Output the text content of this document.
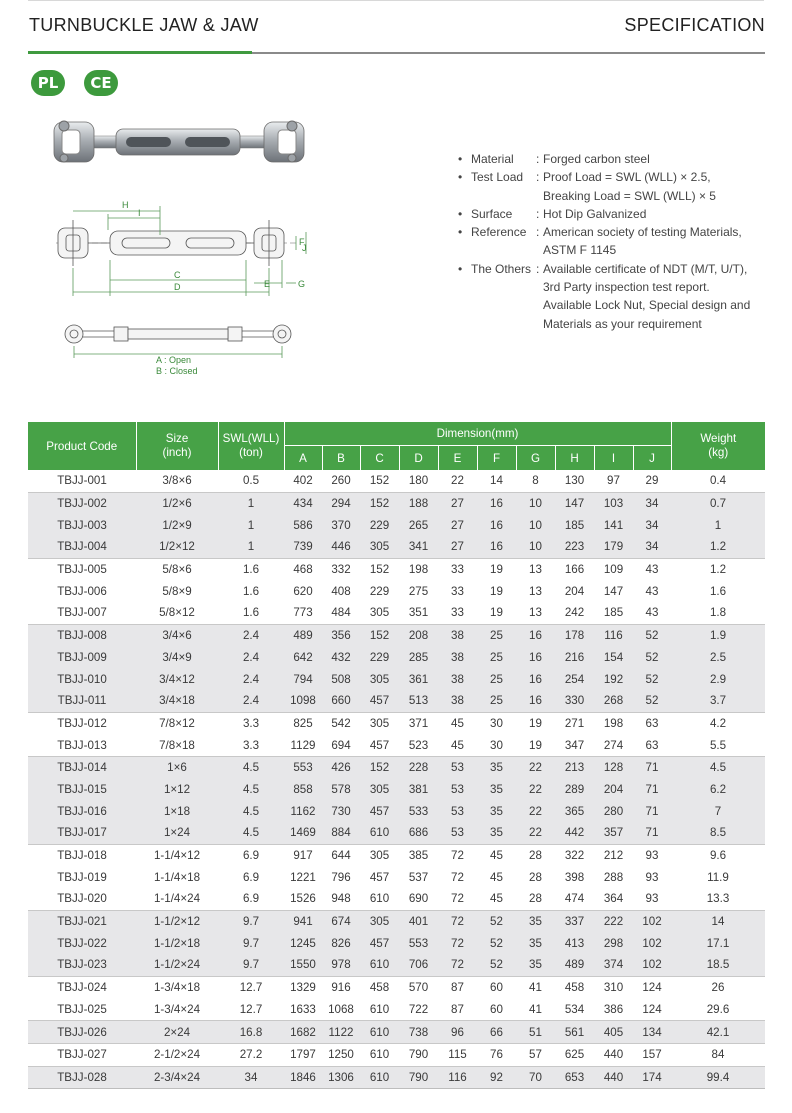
TURNBUCKLE JAW & JAW	SPECIFICATION
PL	CE
H
I
C
D	E	G
F
J
A : Open
B : Closed
• Material	: Forged carbon steel
• Test Load	: Proof Load = SWL (WLL) × 2.5,
Breaking Load = SWL (WLL) × 5
• Surface	: Hot Dip Galvanized
• Reference : American society of testing Materials,
ASTM F 1145
• The Others : Available certificate of NDT (M/T, U/T),
3rd Party inspection test report.
Available Lock Nut, Special design and
Materials as your requirement
Product Code	Size
(inch)	SWL(WLL)
(ton)	Dimension(mm)										Weight
(kg)
			A	B	C	D	E	F	G	H	I	J	
TBJJ-001	3/8×6	0.5	402	260	152	180	22	14	8	130	97	29	0.4
TBJJ-002	1/2×6	1	434	294	152	188	27	16	10	147	103	34	0.7
TBJJ-003	1/2×9	1	586	370	229	265	27	16	10	185	141	34	1
TBJJ-004	1/2×12	1	739	446	305	341	27	16	10	223	179	34	1.2
TBJJ-005	5/8×6	1.6	468	332	152	198	33	19	13	166	109	43	1.2
TBJJ-006	5/8×9	1.6	620	408	229	275	33	19	13	204	147	43	1.6
TBJJ-007	5/8×12	1.6	773	484	305	351	33	19	13	242	185	43	1.8
TBJJ-008	3/4×6	2.4	489	356	152	208	38	25	16	178	116	52	1.9
TBJJ-009	3/4×9	2.4	642	432	229	285	38	25	16	216	154	52	2.5
TBJJ-010	3/4×12	2.4	794	508	305	361	38	25	16	254	192	52	2.9
TBJJ-011	3/4×18	2.4	1098	660	457	513	38	25	16	330	268	52	3.7
TBJJ-012	7/8×12	3.3	825	542	305	371	45	30	19	271	198	63	4.2
TBJJ-013	7/8×18	3.3	1129	694	457	523	45	30	19	347	274	63	5.5
TBJJ-014	1×6	4.5	553	426	152	228	53	35	22	213	128	71	4.5
TBJJ-015	1×12	4.5	858	578	305	381	53	35	22	289	204	71	6.2
TBJJ-016	1×18	4.5	1162	730	457	533	53	35	22	365	280	71	7
TBJJ-017	1×24	4.5	1469	884	610	686	53	35	22	442	357	71	8.5
TBJJ-018	1-1/4×12	6.9	917	644	305	385	72	45	28	322	212	93	9.6
TBJJ-019	1-1/4×18	6.9	1221	796	457	537	72	45	28	398	288	93	11.9
TBJJ-020	1-1/4×24	6.9	1526	948	610	690	72	45	28	474	364	93	13.3
TBJJ-021	1-1/2×12	9.7	941	674	305	401	72	52	35	337	222	102	14
TBJJ-022	1-1/2×18	9.7	1245	826	457	553	72	52	35	413	298	102	17.1
TBJJ-023	1-1/2×24	9.7	1550	978	610	706	72	52	35	489	374	102	18.5
TBJJ-024	1-3/4×18	12.7	1329	916	458	570	87	60	41	458	310	124	26
TBJJ-025	1-3/4×24	12.7	1633	1068	610	722	87	60	41	534	386	124	29.6
TBJJ-026	2×24	16.8	1682	1122	610	738	96	66	51	561	405	134	42.1
TBJJ-027	2-1/2×24	27.2	1797	1250	610	790	115	76	57	625	440	157	84
TBJJ-028	2-3/4×24	34	1846	1306	610	790	116	92	70	653	440	174	99.4
